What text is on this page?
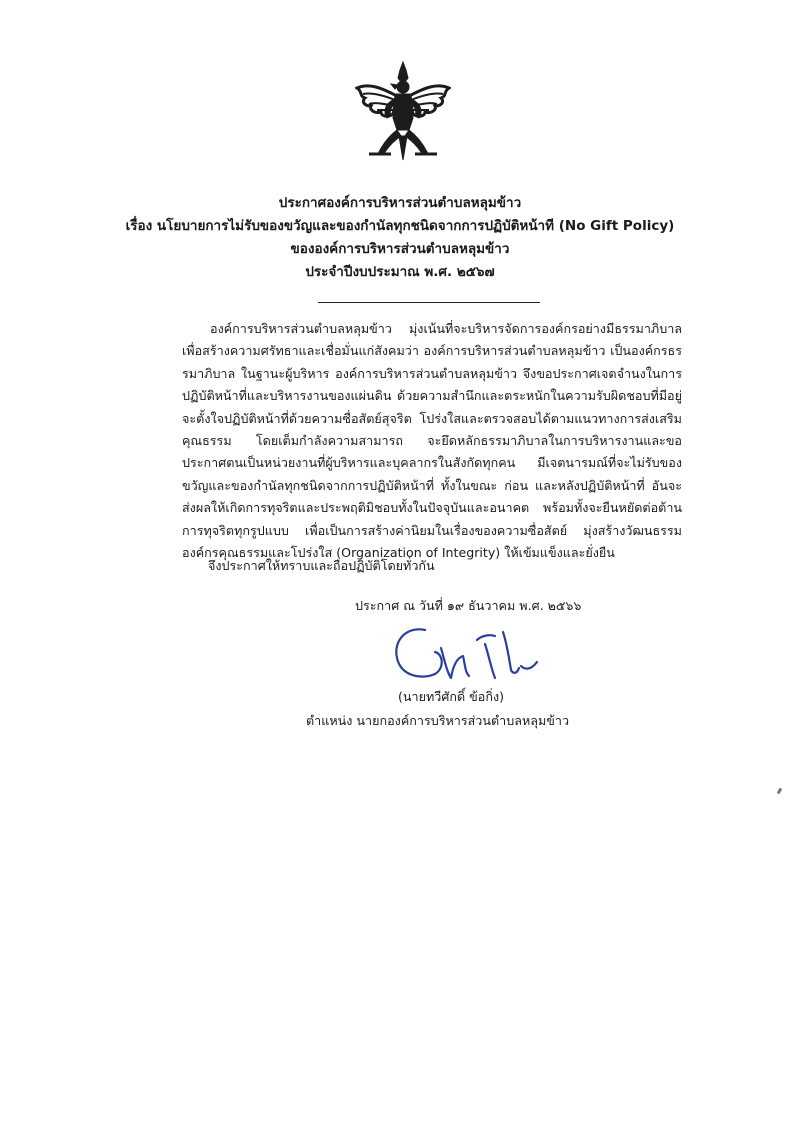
ประกาศองค์การบริหารส่วนตำบลหลุมข้าว
เรื่อง นโยบายการไม่รับของขวัญและของกำนัลทุกชนิดจากการปฏิบัติหน้าที (No Gift Policy)
ขององค์การบริหารส่วนตำบลหลุมข้าว
ประจำปีงบประมาณ พ.ศ. ๒๕๖๗
องค์การบริหารส่วนตำบลหลุมข้าว มุ่งเน้นที่จะบริหารจัดการองค์กรอย่างมีธรรมาภิบาล เพื่อสร้างความศรัทธาและเชื่อมั่นแก่สังคมว่า องค์การบริหารส่วนตำบลหลุมข้าว เป็นองค์กรธรรมาภิบาล ในฐานะผู้บริหาร องค์การบริหารส่วนตำบลหลุมข้าว จึงขอประกาศเจตจำนงในการปฏิบัติหน้าที่และบริหารงานของแผ่นดิน ด้วยความสำนึกและตระหนักในความรับผิดชอบที่มีอยู่ จะตั้งใจปฏิบัติหน้าที่ด้วยความซื่อสัตย์สุจริต โปร่งใสและตรวจสอบได้ตามแนวทางการส่งเสริมคุณธรรม โดยเต็มกำลังความสามารถ จะยึดหลักธรรมาภิบาลในการบริหารงานและขอประกาศตนเป็นหน่วยงานที่ผู้บริหารและบุคลากรในสังกัดทุกคน มีเจตนารมณ์ที่จะไม่รับของขวัญและของกำนัลทุกชนิดจากการปฏิบัติหน้าที่ ทั้งในขณะ ก่อน และหลังปฏิบัติหน้าที่ อันจะส่งผลให้เกิดการทุจริตและประพฤติมิชอบทั้งในปัจจุบันและอนาคต พร้อมทั้งจะยืนหยัดต่อต้านการทุจริตทุกรูปแบบ เพื่อเป็นการสร้างค่านิยมในเรื่องของความซื่อสัตย์ มุ่งสร้างวัฒนธรรมองค์กรคุณธรรมและโปร่งใส (Organization of Integrity) ให้เข้มแข็งและยั่งยืน
จึงประกาศให้ทราบและถือปฏิบัติโดยทั่วกัน
ประกาศ ณ วันที่ ๑๙ ธันวาคม พ.ศ. ๒๕๖๖
(นายทวีศักดิ์ ข้อกิ่ง)
ตำแหน่ง นายกองค์การบริหารส่วนตำบลหลุมข้าว
